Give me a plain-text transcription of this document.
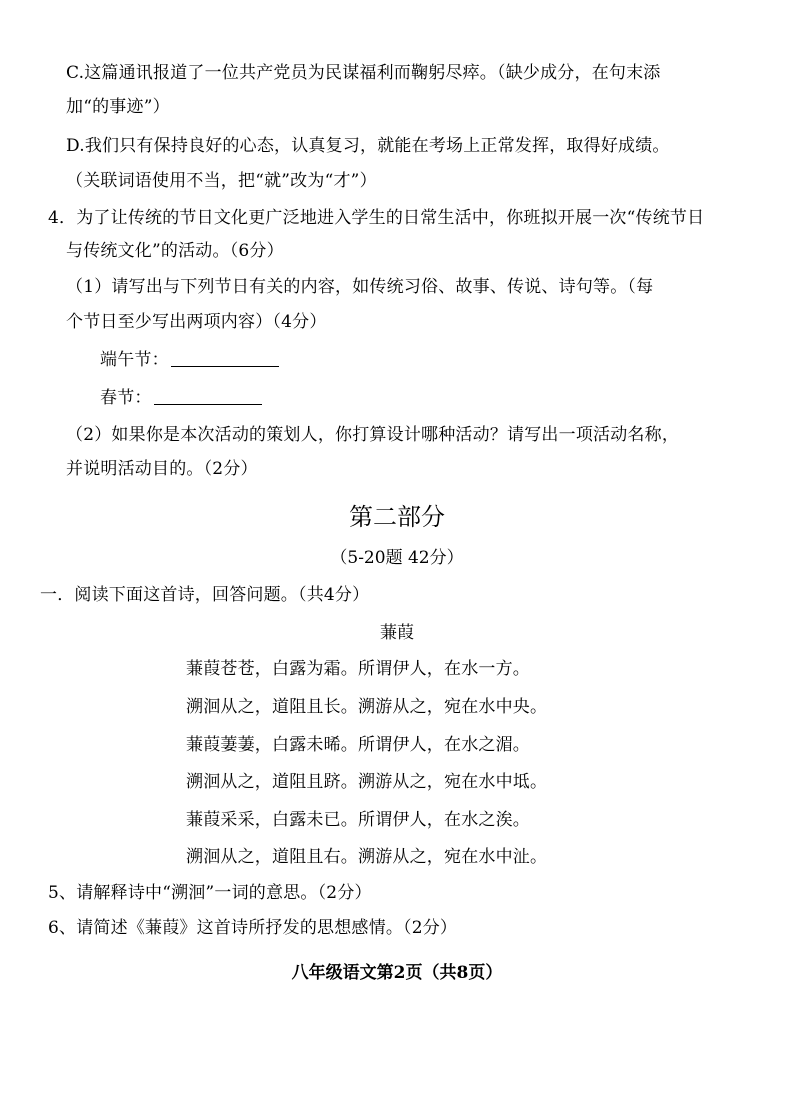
C.这篇通讯报道了一位共产党员为民谋福利而鞠躬尽瘁。（缺少成分，在句末添
加“的事迹”）
D.我们只有保持良好的心态，认真复习，就能在考场上正常发挥，取得好成绩。
（关联词语使用不当，把“就”改为“才”）
4．为了让传统的节日文化更广泛地进入学生的日常生活中，你班拟开展一次“传统节日
与传统文化”的活动。（6分）
（1）请写出与下列节日有关的内容，如传统习俗、故事、传说、诗句等。（每
个节日至少写出两项内容）（4分）
端午节：
春节：
（2）如果你是本次活动的策划人，你打算设计哪种活动？请写出一项活动名称，
并说明活动目的。（2分）
第二部分
（5-20题 42分）
一．阅读下面这首诗，回答问题。（共4分）
蒹葭
蒹葭苍苍，白露为霜。所谓伊人，在水一方。
溯洄从之，道阻且长。溯游从之，宛在水中央。
蒹葭萋萋，白露未晞。所谓伊人，在水之湄。
溯洄从之，道阻且跻。溯游从之，宛在水中坻。
蒹葭采采，白露未已。所谓伊人，在水之涘。
溯洄从之，道阻且右。溯游从之，宛在水中沚。
5、请解释诗中“溯洄”一词的意思。（2分）
6、请简述《蒹葭》这首诗所抒发的思想感情。（2分）
八年级语文第2页（共8页）
